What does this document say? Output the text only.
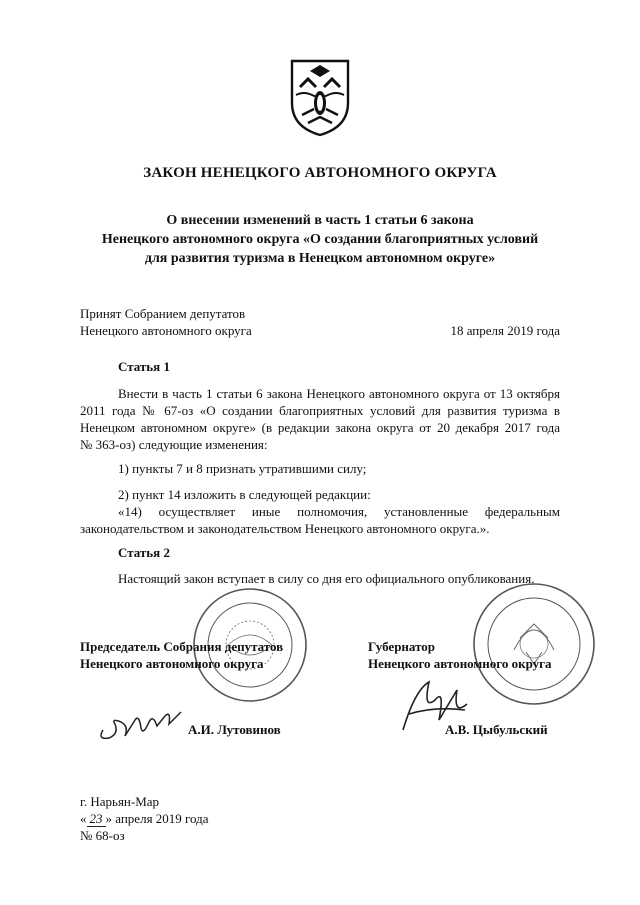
ЗАКОН НЕНЕЦКОГО АВТОНОМНОГО ОКРУГА
О внесении изменений в часть 1 статьи 6 закона
Ненецкого автономного округа «О создании благоприятных условий
для развития туризма в Ненецком автономном округе»
Принят Собранием депутатов
Ненецкого автономного округа	18 апреля 2019 года
Статья 1
Внести в часть 1 статьи 6 закона Ненецкого автономного округа от 13 октября
2011 года № 67-оз «О создании благоприятных условий для развития туризма в
Ненецком автономном округе» (в редакции закона округа от 20 декабря 2017 года
№ 363-оз) следующие изменения:
1) пункты 7 и 8 признать утратившими силу;
2) пункт 14 изложить в следующей редакции:
«14) осуществляет иные полномочия, установленные федеральным
законодательством и законодательством Ненецкого автономного округа.».
Статья 2
Настоящий закон вступает в силу со дня его официального опубликования.
Председатель Собрания депутатов
Ненецкого автономного округа
Губернатор
Ненецкого автономного округа
А.И. Лутовинов	А.В. Цыбульский
г. Нарьян-Мар
« 23 » апреля 2019 года
№ 68-оз
